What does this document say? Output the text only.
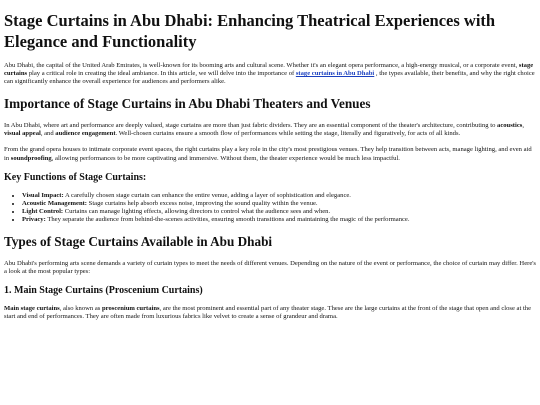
Stage Curtains in Abu Dhabi: Enhancing Theatrical Experiences with Elegance and Functionality

Abu Dhabi, the capital of the United Arab Emirates, is well-known for its booming arts and cultural scene. Whether it's an elegant opera performance, a high-energy musical, or a corporate event, stage curtains play a critical role in creating the ideal ambiance. In this article, we will delve into the importance of stage curtains in Abu Dhabi , the types available, their benefits, and why the right choice can significantly enhance the overall experience for audiences and performers alike.

Importance of Stage Curtains in Abu Dhabi Theaters and Venues

In Abu Dhabi, where art and performance are deeply valued, stage curtains are more than just fabric dividers. They are an essential component of the theater's architecture, contributing to acoustics, visual appeal, and audience engagement. Well-chosen curtains ensure a smooth flow of performances while setting the stage, literally and figuratively, for acts of all kinds.

From the grand opera houses to intimate corporate event spaces, the right curtains play a key role in the city's most prestigious venues. They help transition between acts, manage lighting, and even aid in soundproofing, allowing performances to be more captivating and immersive. Without them, the theater experience would be much less impactful.

Key Functions of Stage Curtains:
• Visual Impact: A carefully chosen stage curtain can enhance the entire venue, adding a layer of sophistication and elegance.
• Acoustic Management: Stage curtains help absorb excess noise, improving the sound quality within the venue.
• Light Control: Curtains can manage lighting effects, allowing directors to control what the audience sees and when.
• Privacy: They separate the audience from behind-the-scenes activities, ensuring smooth transitions and maintaining the magic of the performance.
Types of Stage Curtains Available in Abu Dhabi

Abu Dhabi's performing arts scene demands a variety of curtain types to meet the needs of different venues. Depending on the nature of the event or performance, the choice of curtain may differ. Here's a look at the most popular types:

1. Main Stage Curtains (Proscenium Curtains)

Main stage curtains, also known as proscenium curtains, are the most prominent and essential part of any theater stage. These are the large curtains at the front of the stage that open and close at the start and end of performances. They are often made from luxurious fabrics like velvet to create a sense of grandeur and drama.
